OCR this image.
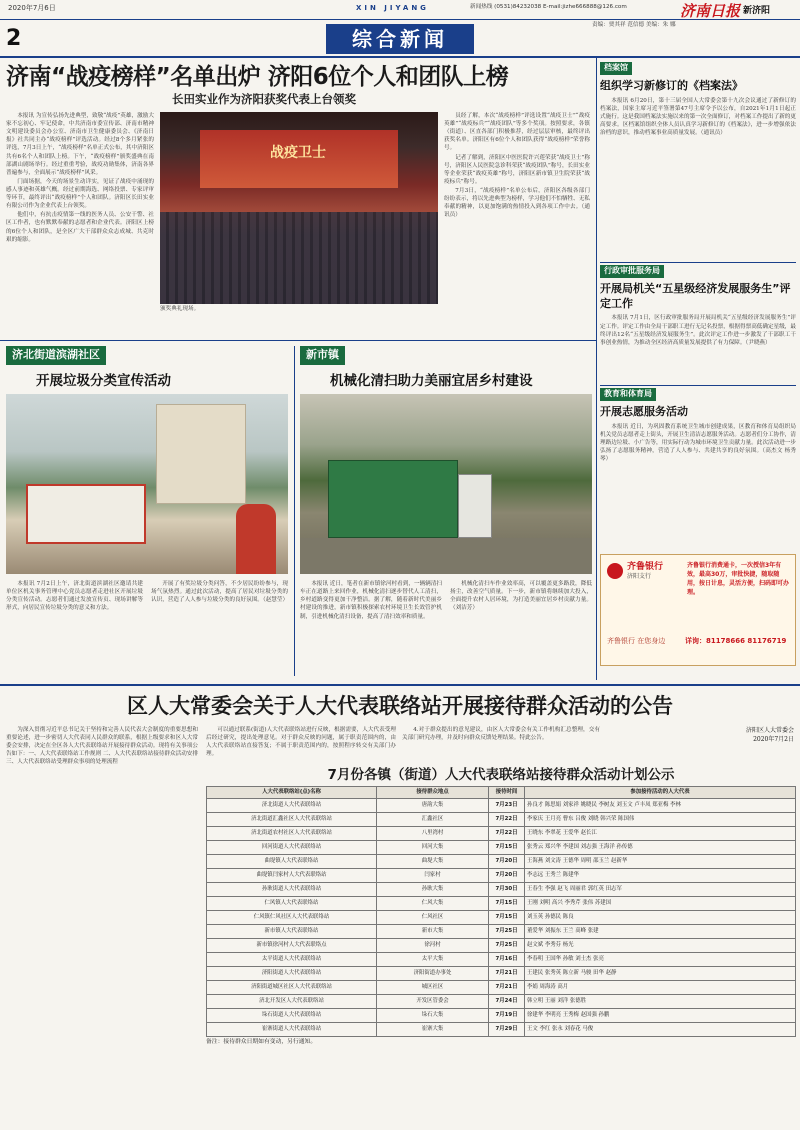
2020年7月6日	XIN JIYANG	新闻热线 (0531)84232038 E-mail:jizhe666888@126.com
2	综合新闻
责编：贾其祥 范信德 美编：朱 娜
济南日报 新济阳
济南“战疫榜样”名单出炉 济阳6位个人和团队上榜
长田实业作为济阳获奖代表上台领奖

本报讯 为宣传弘扬先进典型，致敬“战疫”英雄，激励大家不忘初心、牢记使命，中共济南市委宣传部、济南市精神文明建设委员会办公室、济南市卫生健康委员会、《济南日报》社共同主办“战疫榜样”评选活动。经过8个多月紧张的评选，7月3日上午，“战疫榜样”名单正式公布，其中济阳区共有6名个人和团队上榜。下午，“战疫榜样”颁奖盛典在南部湖山剧场举行。经过重重考验，战疫功勋集体，济南各界普遍参与，全面展示“战疫榜样”风采。

门面场据，今天的场景生动详实，见证了战疫中涌现的感人事迹和英雄气概。经过前期海选、网络投票、专家评审等环节，最终评出“战疫榜样”个人和团队。济阳区长田实业有限公司作为企业代表上台领奖。

他们中，有抗击疫情第一线的医务人员、公安干警、社区工作者，也有默默奉献的志愿者和企业代表。济阳区上榜的6位个人和团队，是全区广大干部群众众志成城、共克时艰的缩影。

战疫卫士
颁奖典礼现场。

员经了解，本次“战疫榜样”评选设置“战疫卫士”“战疫英雄”“战疫标兵”“战疫团队”等多个奖项。按照要求，各镇（街道）、区直各部门积极推荐，经过层层审核，最终评出获奖名单。济阳区有6位个人和团队获得“战疫榜样”荣誉称号。

记者了解到，济阳区中医医院许兴莲荣获“战疫卫士”称号，济阳区人民医院急诊科荣获“战疫团队”称号，长田实业等企业荣获“战疫英雄”称号，济阳区新市镇卫生院荣获“战疫标兵”称号。

7月3日，“战疫榜样”名单公布后，济阳区各级各部门纷纷表示，将以先进典型为榜样，学习他们不怕牺牲、无私奉献的精神，以更加饱满的热情投入到各项工作中去。（通讯员）

档案馆
组织学习新修订的《档案法》

本报讯 6月20日，第十三届全国人大常委会第十九次会议通过了新修订的档案法，国家主席习近平签署第47号主席令予以公布，自2021年1月1日起正式施行。这是我国档案法实施以来的第一次全面修订，对档案工作提出了新的更高要求。区档案馆组织全体人员认真学习新修订的《档案法》，进一步增强依法治档的意识，推动档案事业高质量发展。（通讯员）

行政审批服务局
开展局机关“五星级经济发展服务生”评定工作

本报讯 7月1日，区行政审批服务局开展局机关“五星级经济发展服务生”评定工作。评定工作由全局干部职工进行无记名投票，根据得票高低确定星级，最终评出12名“五星级经济发展服务生”。此次评定工作进一步激发了干部职工干事创业热情，为推动全区经济高质量发展提供了有力保障。（尹晓燕）

教育和体育局
开展志愿服务活动

本报讯 近日，为巩固教育系统卫生城市创建成果，区教育和体育局组织局机关党员志愿者走上街头，开展卫生清洁志愿服务活动。志愿者们分工协作，清理路边垃圾、小广告等，用实际行动为城市环境卫生贡献力量。此次活动进一步弘扬了志愿服务精神，营造了人人参与、共建共享的良好氛围。（高杰文 杨秀琴）

齐鲁银行
济阳支行
齐鲁银行消费通卡，一次授信3年有效，最高30万，审批快捷，随取随用，按日计息，灵活方便，扫码即可办理。
齐鲁银行 在您身边	详询：81178666 81176719
济北街道滨湖社区
开展垃圾分类宣传活动

本报讯 7月2日上午，济北街道滨湖社区邀请共建单位区机关事务管理中心党员志愿者走进社区开展垃圾分类宣传活动。志愿者们通过发放宣传页、现场讲解等形式，向居民宣传垃圾分类的意义和方法。

开展了有奖垃圾分类问答，不少居民纷纷参与，现场气氛热烈。通过此次活动，提高了居民对垃圾分类的认识，营造了人人参与垃圾分类的良好氛围。（赵慧莹）

新市镇
机械化清扫助力美丽宜居乡村建设

本报讯 近日，笔者在新市镇徐河村看到，一辆辆清扫车正在道路上来回作业，机械化清扫逐步替代人工清扫，乡村道路变得更加干净整洁。据了解，随着新时代美丽乡村建设的推进，新市镇积极探索农村环境卫生长效管护机制，引进机械化清扫设备，提高了清扫效率和质量。

机械化清扫车作业效率高，可以覆盖更多路段，降低扬尘，改善空气质量。下一步，新市镇将继续加大投入，全面提升农村人居环境，为打造美丽宜居乡村贡献力量。（刘洁芳）

区人大常委会关于人大代表联络站开展接待群众活动的公告

为深入贯彻习近平总书记关于坚持和完善人民代表大会制度的重要思想和重要论述，进一步密切人大代表同人民群众的联系，根据上级要求和区人大常委会安排，决定在全区各人大代表联络站开展接待群众活动。现将有关事项公告如下：一、人大代表联络站工作规则 二、人大代表联络站接待群众活动安排 三、人大代表联络站受理群众事项的处理流程

可以通过联系(街道)人大代表联络站进行反映，根据需要，人大代表受理后经过研究，提出处理意见。对于群众反映的问题，属于职责范围内的，由人大代表联络站直接答复；不属于职责范围内的，按照程序转交有关部门办理。

4.对于群众提出的意见建议，由区人大常委会有关工作机构汇总整理，交有关部门研究办理，并及时向群众反馈处理结果。特此公告。

济阳区人大常委会
2020年7月2日
7月份各镇（街道）人大代表联络站接待群众活动计划公示
人大代表联络站(点)名称	接待群众地点	接待时间	参加接待活动的人大代表
济北街道人大代表联络站	唐韵大集	7月23日	孙良才 陈思娟 刘家祥 姚晓民 李树友 刘玉文 卢丰凤 郑亚梅 李林
济北街道汇鑫社区人大代表联络站	汇鑫社区	7月22日	李家庆 王月亮 曹东 吕俊 刘晓 韩兴荣 陈国伟
济北街道农村社区人大代表联络站	八里湾村	7月22日	王晓东 李翠花 王爱华 赵长江
回河街道人大代表联络站	回河大集	7月15日	张秀云 郑兴华 李建国 刘志强 王海洋 孙传德
曲堤镇人大代表联络站	曲堤大集	7月20日	王海燕 刘文涛 王德华 周明 邵玉兰 赵新华
曲堤镇闫家村人大代表联络站	闫家村	7月20日	李志远 王秀兰 陈建华
孙耿街道人大代表联络站	孙耿大集	7月30日	王春生 李强 赵飞 周丽君 郭红英 田志军
仁风镇人大代表联络站	仁风大集	7月15日	王刚 刘明 高兴 李秀芹 张伟 苏建国
仁风镇仁风社区人大代表联络站	仁风社区	7月15日	刘玉英 孙德民 陈良
新市镇人大代表联络站	新市大集	7月25日	董爱华 刘振东 王兰 高峰 张建
新市镇徐河村人大代表联络点	徐河村	7月25日	赵文斌 李秀芬 杨光
太平街道人大代表联络站	太平大集	7月16日	李春明 王国华 孙敏 刘士杰 张亮
济阳街道人大代表联络站	济阳街道办事处	7月21日	王建民 张秀英 陈立新 马骏 田华 赵静
济阳街道城区社区人大代表联络站	城区社区	7月21日	李娟 周海涛 高月
济北开发区人大代表联络站	开发区管委会	7月24日	韩立明 王丽 刘洋 张德胜
垛石街道人大代表联络站	垛石大集	7月19日	徐建华 李明亮 王秀梅 赵国强 孙鹏
崔寨街道人大代表联络站	崔寨大集	7月29日	王文 李红 张永 刘春花 马俊
备注：接待群众日期如有变动，另行通知。
